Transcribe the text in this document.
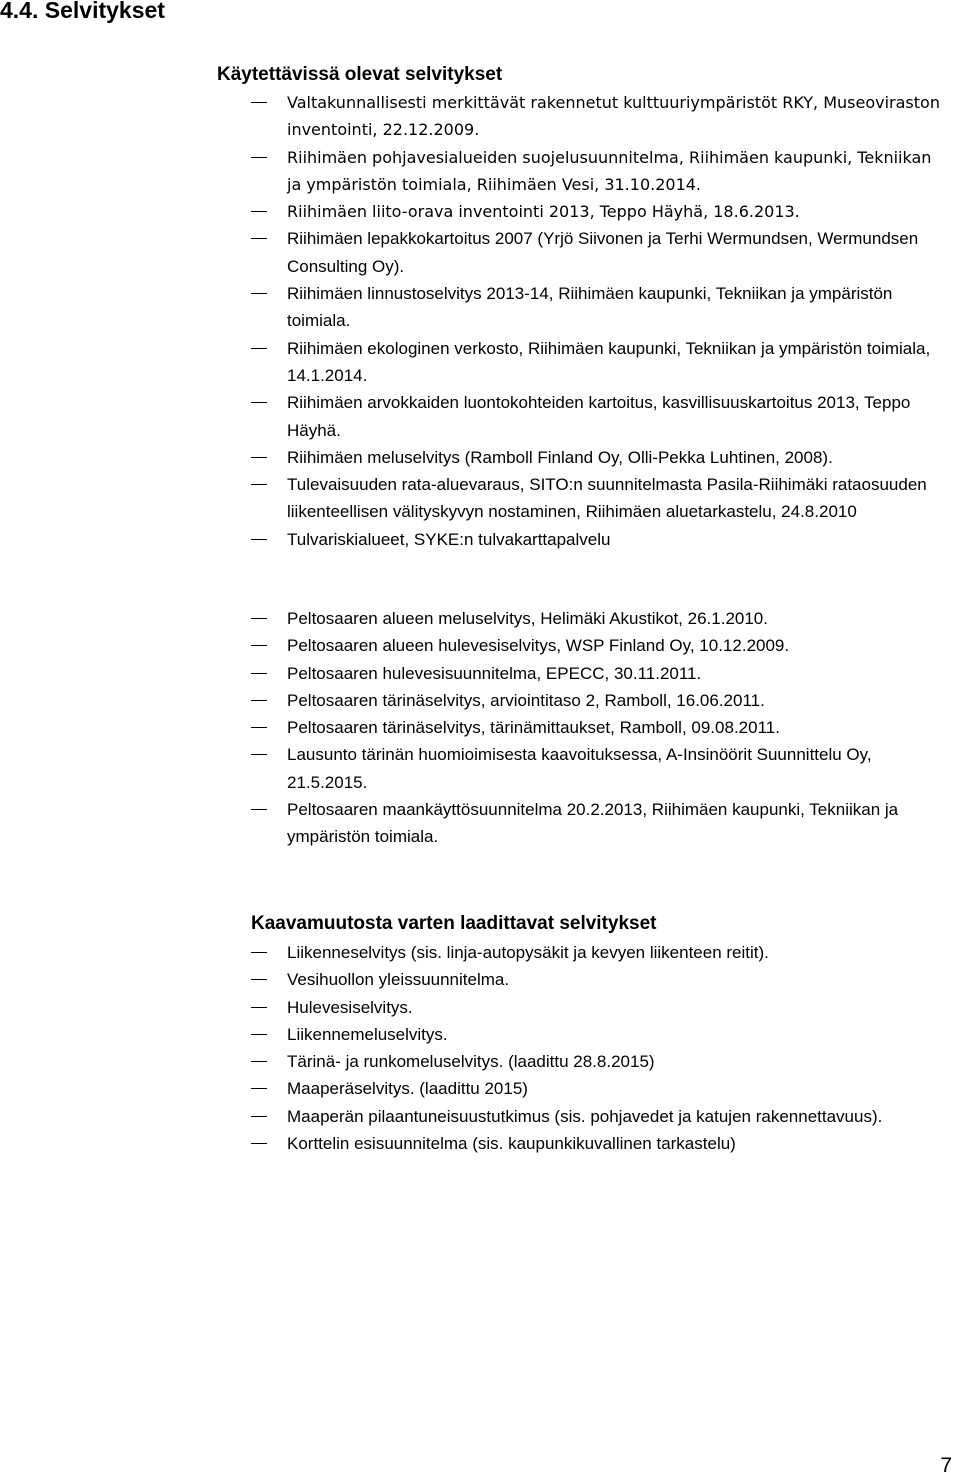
4.4. Selvitykset
Käytettävissä olevat selvitykset
Valtakunnallisesti merkittävät rakennetut kulttuuriympäristöt RKY, Museoviraston inventointi, 22.12.2009.
Riihimäen pohjavesialueiden suojelusuunnitelma, Riihimäen kaupunki, Tekniikan ja ympäristön toimiala, Riihimäen Vesi, 31.10.2014.
Riihimäen liito-orava inventointi 2013, Teppo Häyhä, 18.6.2013.
Riihimäen lepakkokartoitus 2007 (Yrjö Siivonen ja Terhi Wermundsen, Wermundsen Consulting Oy).
Riihimäen linnustoselvitys 2013-14, Riihimäen kaupunki, Tekniikan ja ympäristön toimiala.
Riihimäen ekologinen verkosto, Riihimäen kaupunki, Tekniikan ja ympäristön toimiala, 14.1.2014.
Riihimäen arvokkaiden luontokohteiden kartoitus, kasvillisuuskartoitus 2013, Teppo Häyhä.
Riihimäen meluselvitys (Ramboll Finland Oy, Olli-Pekka Luhtinen, 2008).
Tulevaisuuden rata-aluevaraus, SITO:n suunnitelmasta Pasila-Riihimäki rataosuuden liikenteellisen välityskyvyn nostaminen, Riihimäen aluetarkastelu, 24.8.2010
Tulvariskialueet, SYKE:n tulvakarttapalvelu
Peltosaaren alueen meluselvitys, Helimäki Akustikot, 26.1.2010.
Peltosaaren alueen hulevesiselvitys, WSP Finland Oy, 10.12.2009.
Peltosaaren hulevesisuunnitelma, EPECC, 30.11.2011.
Peltosaaren tärinäselvitys, arviointitaso 2, Ramboll, 16.06.2011.
Peltosaaren tärinäselvitys, tärinämittaukset, Ramboll, 09.08.2011.
Lausunto tärinän huomioimisesta kaavoituksessa, A-Insinöörit Suunnittelu Oy, 21.5.2015.
Peltosaaren maankäyttösuunnitelma 20.2.2013, Riihimäen kaupunki, Tekniikan ja ympäristön toimiala.
Kaavamuutosta varten laadittavat selvitykset
Liikenneselvitys (sis. linja-autopysäkit ja kevyen liikenteen reitit).
Vesihuollon yleissuunnitelma.
Hulevesiselvitys.
Liikennemeluselvitys.
Tärinä- ja runkomeluselvitys. (laadittu 28.8.2015)
Maaperäselvitys. (laadittu 2015)
Maaperän pilaantuneisuustutkimus (sis. pohjavedet ja katujen rakennettavuus).
Korttelin esisuunnitelma (sis. kaupunkikuvallinen tarkastelu)

7
